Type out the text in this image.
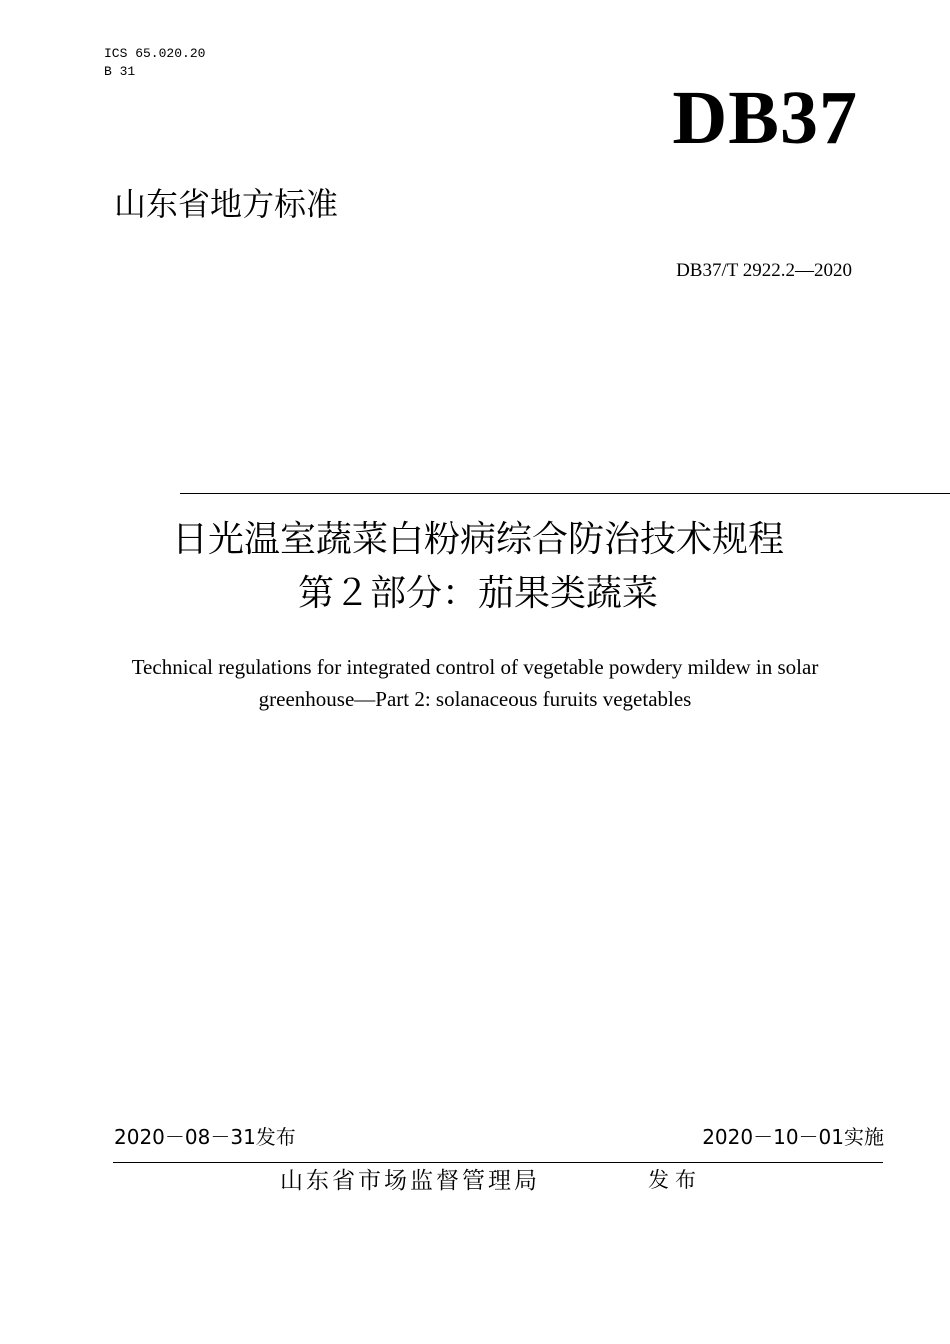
ICS 65.020.20
B 31
DB37
山东省地方标准
DB37/T 2922.2—2020
日光温室蔬菜白粉病综合防治技术规程
第２部分：茄果类蔬菜
Technical regulations for integrated control of vegetable powdery mildew in solar
greenhouse—Part 2: solanaceous furuits vegetables
2020－08－31发布	2020－10－01实施
山东省市场监督管理局	发布
